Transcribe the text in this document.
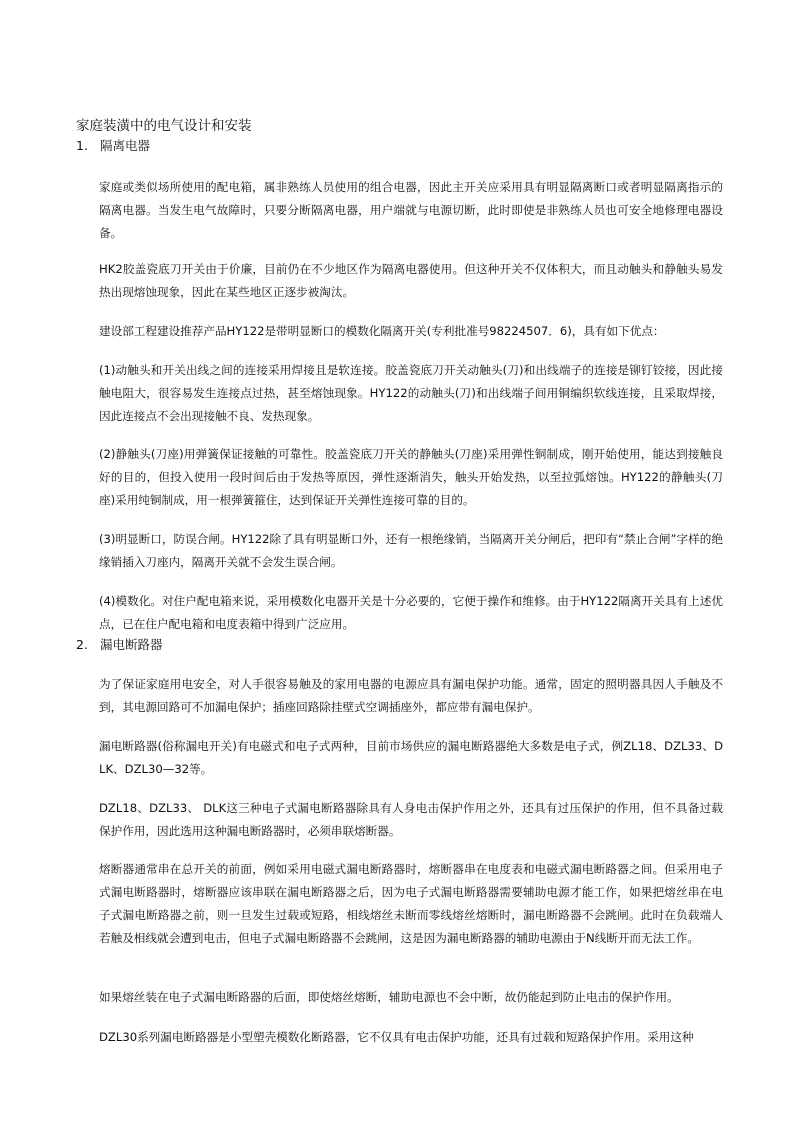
家庭装潢中的电气设计和安装
1. 隔离电器

家庭或类似场所使用的配电箱，属非熟练人员使用的组合电器，因此主开关应采用具有明显隔离断口或者明显隔离指示的隔离电器。当发生电气故障时，只要分断隔离电器，用户端就与电源切断，此时即使是非熟练人员也可安全地修理电器设备。

HK2胶盖瓷底刀开关由于价廉，目前仍在不少地区作为隔离电器使用。但这种开关不仅体积大，而且动触头和静触头易发热出现熔蚀现象，因此在某些地区正逐步被淘汰。

建设部工程建设推荐产品HY122是带明显断口的模数化隔离开关(专利批准号98224507．6)，具有如下优点：

(1)动触头和开关出线之间的连接采用焊接且是软连接。胶盖瓷底刀开关动触头(刀)和出线端子的连接是铆钉铰接，因此接触电阻大，很容易发生连接点过热，甚至熔蚀现象。HY122的动触头(刀)和出线端子间用铜编织软线连接，且采取焊接，因此连接点不会出现接触不良、发热现象。

(2)静触头(刀座)用弹簧保证接触的可靠性。胶盖瓷底刀开关的静触头(刀座)采用弹性铜制成，刚开始使用，能达到接触良好的目的，但投入使用一段时间后由于发热等原因，弹性逐渐消失，触头开始发热，以至拉弧熔蚀。HY122的静触头(刀座)采用纯铜制成，用一根弹簧箍住，达到保证开关弹性连接可靠的目的。

(3)明显断口，防误合闸。HY122除了具有明显断口外，还有一根绝缘销，当隔离开关分闸后，把印有“禁止合闸”字样的绝缘销插入刀座内，隔离开关就不会发生误合闸。

(4)模数化。对住户配电箱来说，采用模数化电器开关是十分必要的，它便于操作和维修。由于HY122隔离开关具有上述优点，已在住户配电箱和电度表箱中得到广泛应用。

2. 漏电断路器

为了保证家庭用电安全，对人手很容易触及的家用电器的电源应具有漏电保护功能。通常，固定的照明器具因人手触及不到，其电源回路可不加漏电保护；插座回路除挂壁式空调插座外，都应带有漏电保护。

漏电断路器(俗称漏电开关)有电磁式和电子式两种，目前市场供应的漏电断路器绝大多数是电子式，例ZL18、DZL33、DLK、DZL30—32等。

DZL18、DZL33、 DLK这三种电子式漏电断路器除具有人身电击保护作用之外，还具有过压保护的作用，但不具备过载保护作用，因此选用这种漏电断路器时，必须串联熔断器。

熔断器通常串在总开关的前面，例如采用电磁式漏电断路器时，熔断器串在电度表和电磁式漏电断路器之间。但采用电子式漏电断路器时，熔断器应该串联在漏电断路器之后，因为电子式漏电断路器需要辅助电源才能工作，如果把熔丝串在电子式漏电断路器之前，则一旦发生过载或短路，相线熔丝未断而零线熔丝熔断时，漏电断路器不会跳闸。此时在负载端人若触及相线就会遭到电击，但电子式漏电断路器不会跳闸，这是因为漏电断路器的辅助电源由于N线断开而无法工作。

如果熔丝装在电子式漏电断路器的后面，即使熔丝熔断，辅助电源也不会中断，故仍能起到防止电击的保护作用。

DZL30系列漏电断路器是小型塑壳模数化断路器，它不仅具有电击保护功能，还具有过载和短路保护作用。采用这种
